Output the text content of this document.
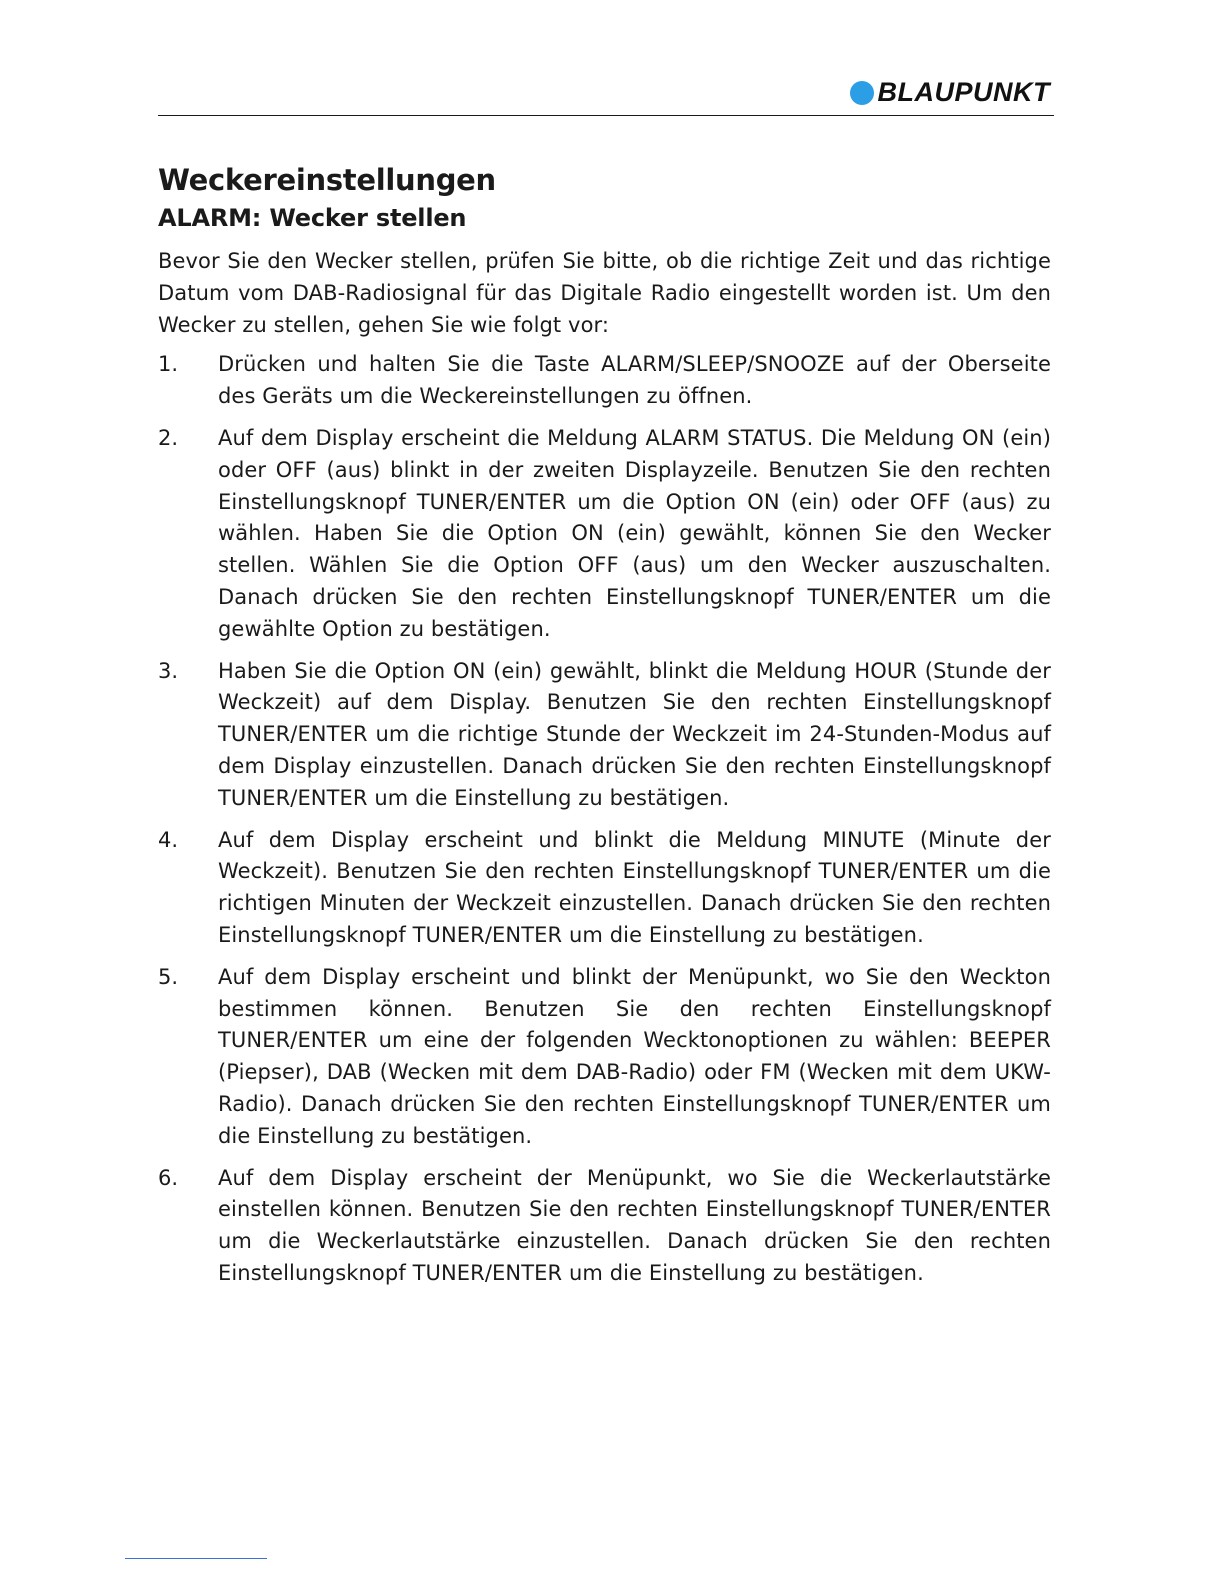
BLAUPUNKT
Weckereinstellungen
ALARM: Wecker stellen

Bevor Sie den Wecker stellen, prüfen Sie bitte, ob die richtige Zeit und das richtige Datum vom DAB-Radiosignal für das Digitale Radio eingestellt worden ist. Um den Wecker zu stellen, gehen Sie wie folgt vor:

1.	Drücken und halten Sie die Taste ALARM/SLEEP/SNOOZE auf der Oberseite des Geräts um die Weckereinstellungen zu öffnen.
2.	Auf dem Display erscheint die Meldung ALARM STATUS. Die Meldung ON (ein) oder OFF (aus) blinkt in der zweiten Displayzeile. Benutzen Sie den rechten Einstellungsknopf TUNER/ENTER um die Option ON (ein) oder OFF (aus) zu wählen. Haben Sie die Option ON (ein) gewählt, können Sie den Wecker stellen. Wählen Sie die Option OFF (aus) um den Wecker auszuschalten. Danach drücken Sie den rechten Einstellungsknopf TUNER/ENTER um die gewählte Option zu bestätigen.
3.	Haben Sie die Option ON (ein) gewählt, blinkt die Meldung HOUR (Stunde der Weckzeit) auf dem Display. Benutzen Sie den rechten Einstellungsknopf TUNER/ENTER um die richtige Stunde der Weckzeit im 24-Stunden-Modus auf dem Display einzustellen. Danach drücken Sie den rechten Einstellungsknopf TUNER/ENTER um die Einstellung zu bestätigen.
4.	Auf dem Display erscheint und blinkt die Meldung MINUTE (Minute der Weckzeit). Benutzen Sie den rechten Einstellungsknopf TUNER/ENTER um die richtigen Minuten der Weckzeit einzustellen. Danach drücken Sie den rechten Einstellungsknopf TUNER/ENTER um die Einstellung zu bestätigen.
5.	Auf dem Display erscheint und blinkt der Menüpunkt, wo Sie den Weckton bestimmen können. Benutzen Sie den rechten Einstellungsknopf TUNER/ENTER um eine der folgenden Wecktonoptionen zu wählen: BEEPER (Piepser), DAB (Wecken mit dem DAB-Radio) oder FM (Wecken mit dem UKW-Radio). Danach drücken Sie den rechten Einstellungsknopf TUNER/ENTER um die Einstellung zu bestätigen.
6.	Auf dem Display erscheint der Menüpunkt, wo Sie die Weckerlautstärke einstellen können. Benutzen Sie den rechten Einstellungsknopf TUNER/ENTER um die Weckerlautstärke einzustellen. Danach drücken Sie den rechten Einstellungsknopf TUNER/ENTER um die Einstellung zu bestätigen.
